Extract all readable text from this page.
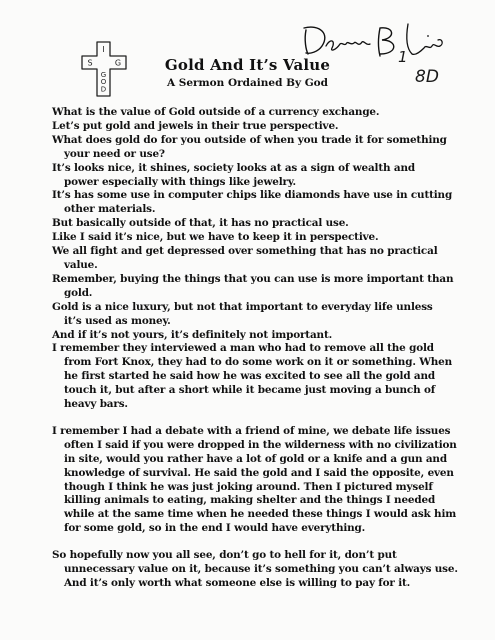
I
S	G
G
O
D
1
8D
Gold And It’s Value
A Sermon Ordained By God

What is the value of Gold outside of a currency exchange.

Let’s put gold and jewels in their true perspective.

What does gold do for you outside of when you trade it for something
your need or use?

It’s looks nice, it shines, society looks at as a sign of wealth and
power especially with things like jewelry.

It’s has some use in computer chips like diamonds have use in cutting
other materials.

But basically outside of that, it has no practical use.

Like I said it’s nice, but we have to keep it in perspective.

We all fight and get depressed over something that has no practical
value.

Remember, buying the things that you can use is more important than
gold.

Gold is a nice luxury, but not that important to everyday life unless
it’s used as money.

And if it’s not yours, it’s definitely not important.

I remember they interviewed a man who had to remove all the gold
from Fort Knox, they had to do some work on it or something. When
he first started he said how he was excited to see all the gold and
touch it, but after a short while it became just moving a bunch of
heavy bars.

I remember I had a debate with a friend of mine, we debate life issues
often I said if you were dropped in the wilderness with no civilization
in site, would you rather have a lot of gold or a knife and a gun and
knowledge of survival. He said the gold and I said the opposite, even
though I think he was just joking around. Then I pictured myself
killing animals to eating, making shelter and the things I needed
while at the same time when he needed these things I would ask him
for some gold, so in the end I would have everything.

So hopefully now you all see, don’t go to hell for it, don’t put
unnecessary value on it, because it’s something you can’t always use.
And it’s only worth what someone else is willing to pay for it.
